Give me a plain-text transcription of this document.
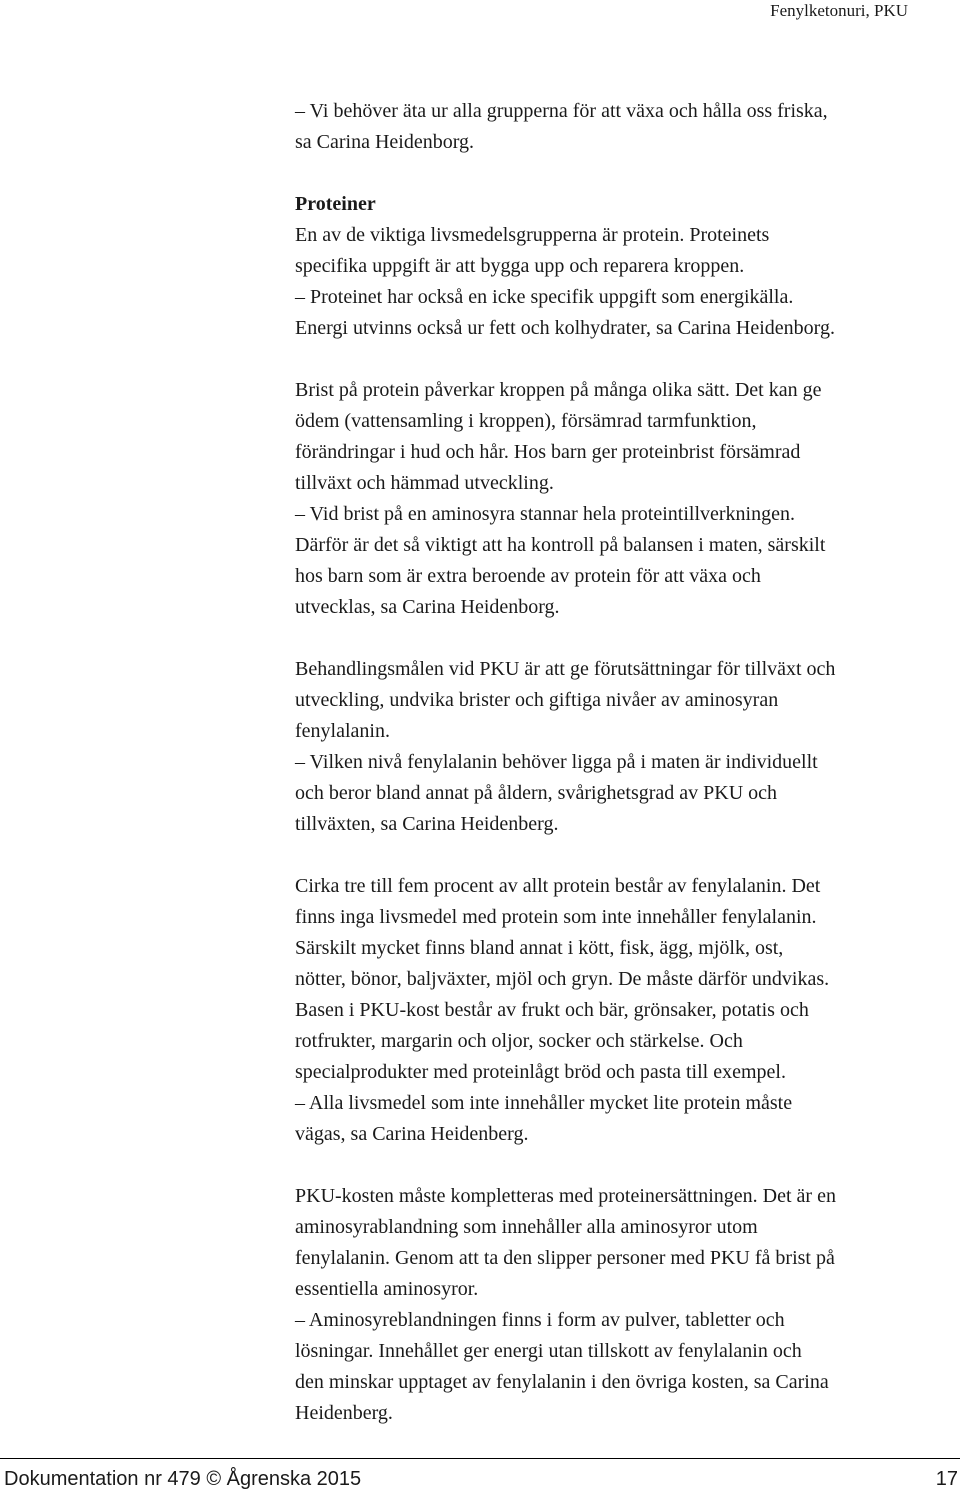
Fenylketonuri, PKU
– Vi behöver äta ur alla grupperna för att växa och hålla oss friska,
sa Carina Heidenborg.
Proteiner
En av de viktiga livsmedelsgrupperna är protein. Proteinets
specifika uppgift är att bygga upp och reparera kroppen.
– Proteinet har också en icke specifik uppgift som energikälla.
Energi utvinns också ur fett och kolhydrater, sa Carina Heidenborg.
Brist på protein påverkar kroppen på många olika sätt. Det kan ge
ödem (vattensamling i kroppen), försämrad tarmfunktion,
förändringar i hud och hår. Hos barn ger proteinbrist försämrad
tillväxt och hämmad utveckling.
– Vid brist på en aminosyra stannar hela proteintillverkningen.
Därför är det så viktigt att ha kontroll på balansen i maten, särskilt
hos barn som är extra beroende av protein för att växa och
utvecklas, sa Carina Heidenborg.
Behandlingsmålen vid PKU är att ge förutsättningar för tillväxt och
utveckling, undvika brister och giftiga nivåer av aminosyran
fenylalanin.
– Vilken nivå fenylalanin behöver ligga på i maten är individuellt
och beror bland annat på åldern, svårighetsgrad av PKU och
tillväxten, sa Carina Heidenberg.
Cirka tre till fem procent av allt protein består av fenylalanin. Det
finns inga livsmedel med protein som inte innehåller fenylalanin.
Särskilt mycket finns bland annat i kött, fisk, ägg, mjölk, ost,
nötter, bönor, baljväxter, mjöl och gryn. De måste därför undvikas.
Basen i PKU-kost består av frukt och bär, grönsaker, potatis och
rotfrukter, margarin och oljor, socker och stärkelse. Och
specialprodukter med proteinlågt bröd och pasta till exempel.
– Alla livsmedel som inte innehåller mycket lite protein måste
vägas, sa Carina Heidenberg.
PKU-kosten måste kompletteras med proteinersättningen. Det är en
aminosyrablandning som innehåller alla aminosyror utom
fenylalanin. Genom att ta den slipper personer med PKU få brist på
essentiella aminosyror.
– Aminosyreblandningen finns i form av pulver, tabletter och
lösningar. Innehållet ger energi utan tillskott av fenylalanin och
den minskar upptaget av fenylalanin i den övriga kosten, sa Carina
Heidenberg.
Dokumentation nr 479 © Ågrenska 2015	17
